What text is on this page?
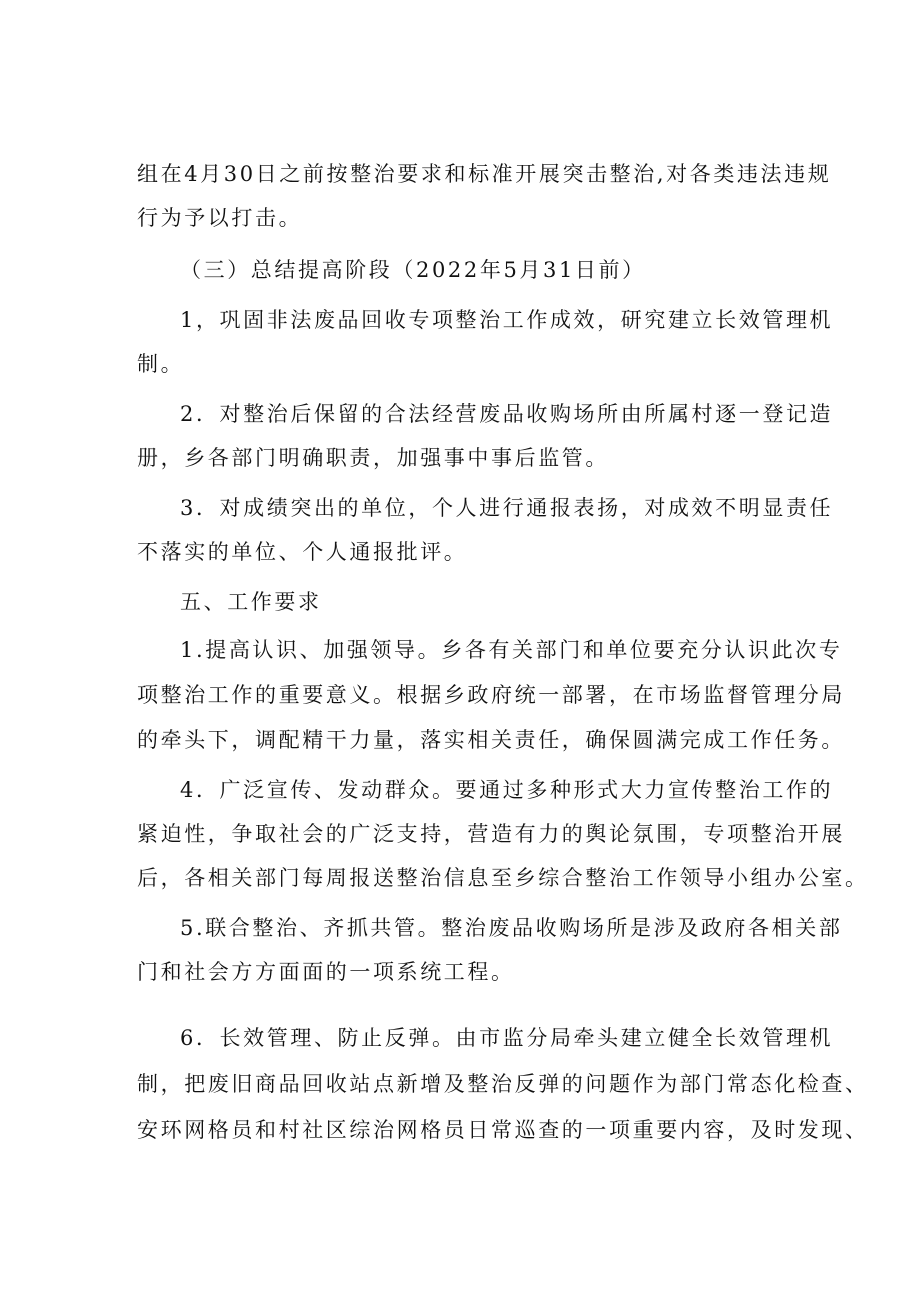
组在4月30日之前按整治要求和标准开展突击整治,对各类违法违规
行为予以打击。
（三）总结提高阶段（2022年5月31日前）
1，巩固非法废品回收专项整治工作成效，研究建立长效管理机
制。
2．对整治后保留的合法经营废品收购场所由所属村逐一登记造
册，乡各部门明确职责，加强事中事后监管。
3．对成绩突出的单位，个人进行通报表扬，对成效不明显责任
不落实的单位、个人通报批评。
五、工作要求
1.提高认识、加强领导。乡各有关部门和单位要充分认识此次专
项整治工作的重要意义。根据乡政府统一部署，在市场监督管理分局
的牵头下，调配精干力量，落实相关责任，确保圆满完成工作任务。
4．广泛宣传、发动群众。要通过多种形式大力宣传整治工作的
紧迫性，争取社会的广泛支持，营造有力的舆论氛围，专项整治开展
后，各相关部门每周报送整治信息至乡综合整治工作领导小组办公室。
5.联合整治、齐抓共管。整治废品收购场所是涉及政府各相关部
门和社会方方面面的一项系统工程。
6．长效管理、防止反弹。由市监分局牵头建立健全长效管理机
制，把废旧商品回收站点新增及整治反弹的问题作为部门常态化检查、
安环网格员和村社区综治网格员日常巡查的一项重要内容，及时发现、
